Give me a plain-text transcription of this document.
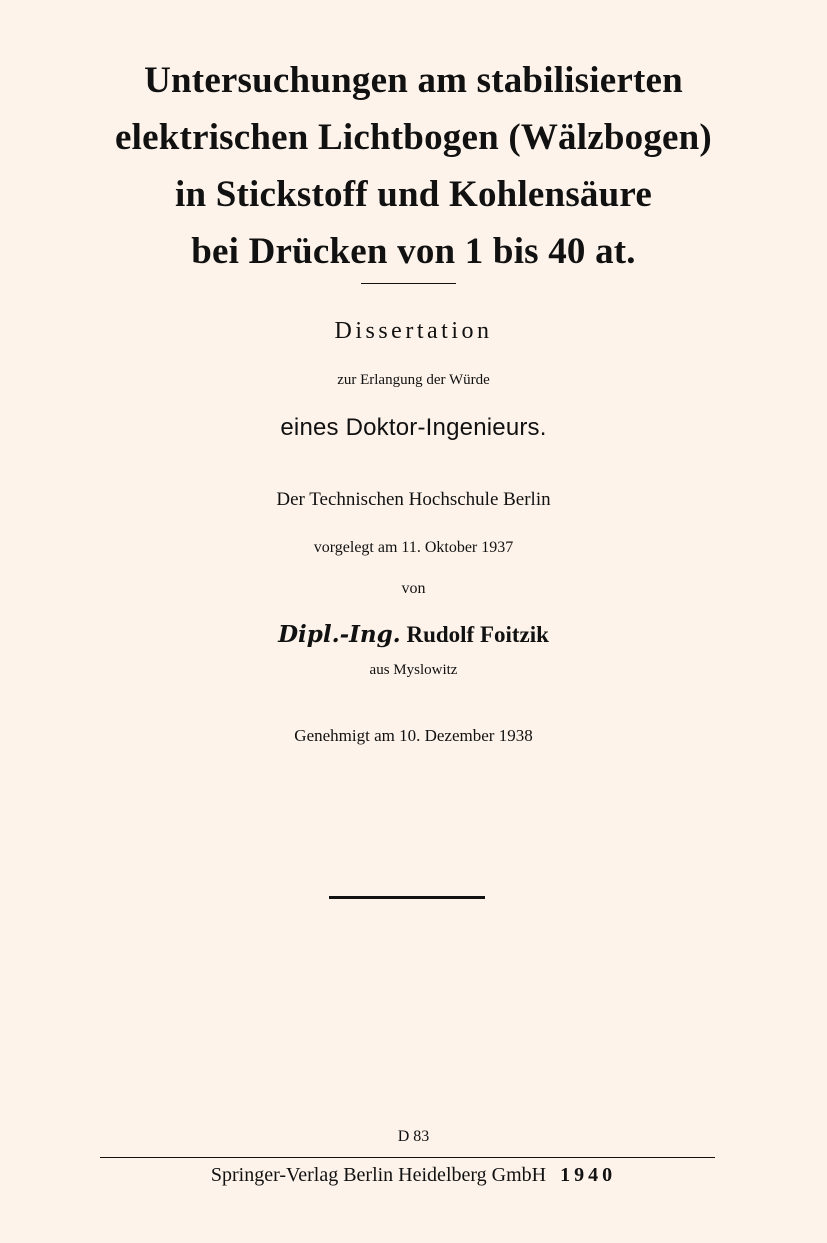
Untersuchungen am stabilisierten
elektrischen Lichtbogen (Wälzbogen)
in Stickstoff und Kohlensäure
bei Drücken von 1 bis 40 at.
Dissertation
zur Erlangung der Würde
eines Doktor-Ingenieurs.
Der Technischen Hochschule Berlin
vorgelegt am 11. Oktober 1937
von
Dipl.-Ing. Rudolf Foitzik
aus Myslowitz
Genehmigt am 10. Dezember 1938
D 83
Springer-Verlag Berlin Heidelberg GmbH 1940
